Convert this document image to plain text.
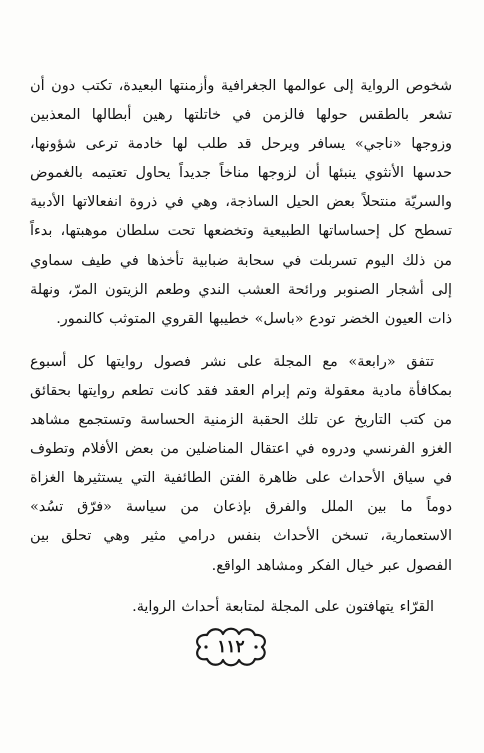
شخوص الرواية إلى عوالمها الجغرافية وأزمنتها البعيدة، تكتب دون أن تشعر بالطقس حولها فالزمن في خاتلتها رهين أبطالها المعذبين وزوجها «ناجي» يسافر ويرحل قد طلب لها خادمة ترعى شؤونها، حدسها الأنثوي ينبئها أن لزوجها مناخاً جديداً يحاول تعتيمه بالغموض والسريّة منتحلاً بعض الحيل الساذجة، وهي في ذروة انفعالاتها الأدبية تسطح كل إحساساتها الطبيعية وتخضعها تحت سلطان موهبتها، بدءاً من ذلك اليوم تسربلت في سحابة ضبابية تأخذها في طيف سماوي إلى أشجار الصنوبر ورائحة العشب الندي وطعم الزيتون المرّ، ونهلة ذات العيون الخضر تودع «باسل» خطيبها القروي المتوثب كالنمور.

تتفق «رابعة» مع المجلة على نشر فصول روايتها كل أسبوع بمكافأة مادية معقولة وتم إبرام العقد فقد كانت تطعم روايتها بحقائق من كتب التاريخ عن تلك الحقبة الزمنية الحساسة وتستجمع مشاهد الغزو الفرنسي ودروه في اعتقال المناضلين من بعض الأفلام وتطوف في سياق الأحداث على ظاهرة الفتن الطائفية التي يستثيرها الغزاة دوماً ما بين الملل والفرق بإذعان من سياسة «فرّق تسُد» الاستعمارية، تسخن الأحداث بنفس درامي مثير وهي تحلق بين الفصول عبر خيال الفكر ومشاهد الواقع.

القرّاء يتهافتون على المجلة لمتابعة أحداث الرواية.

١١٢
